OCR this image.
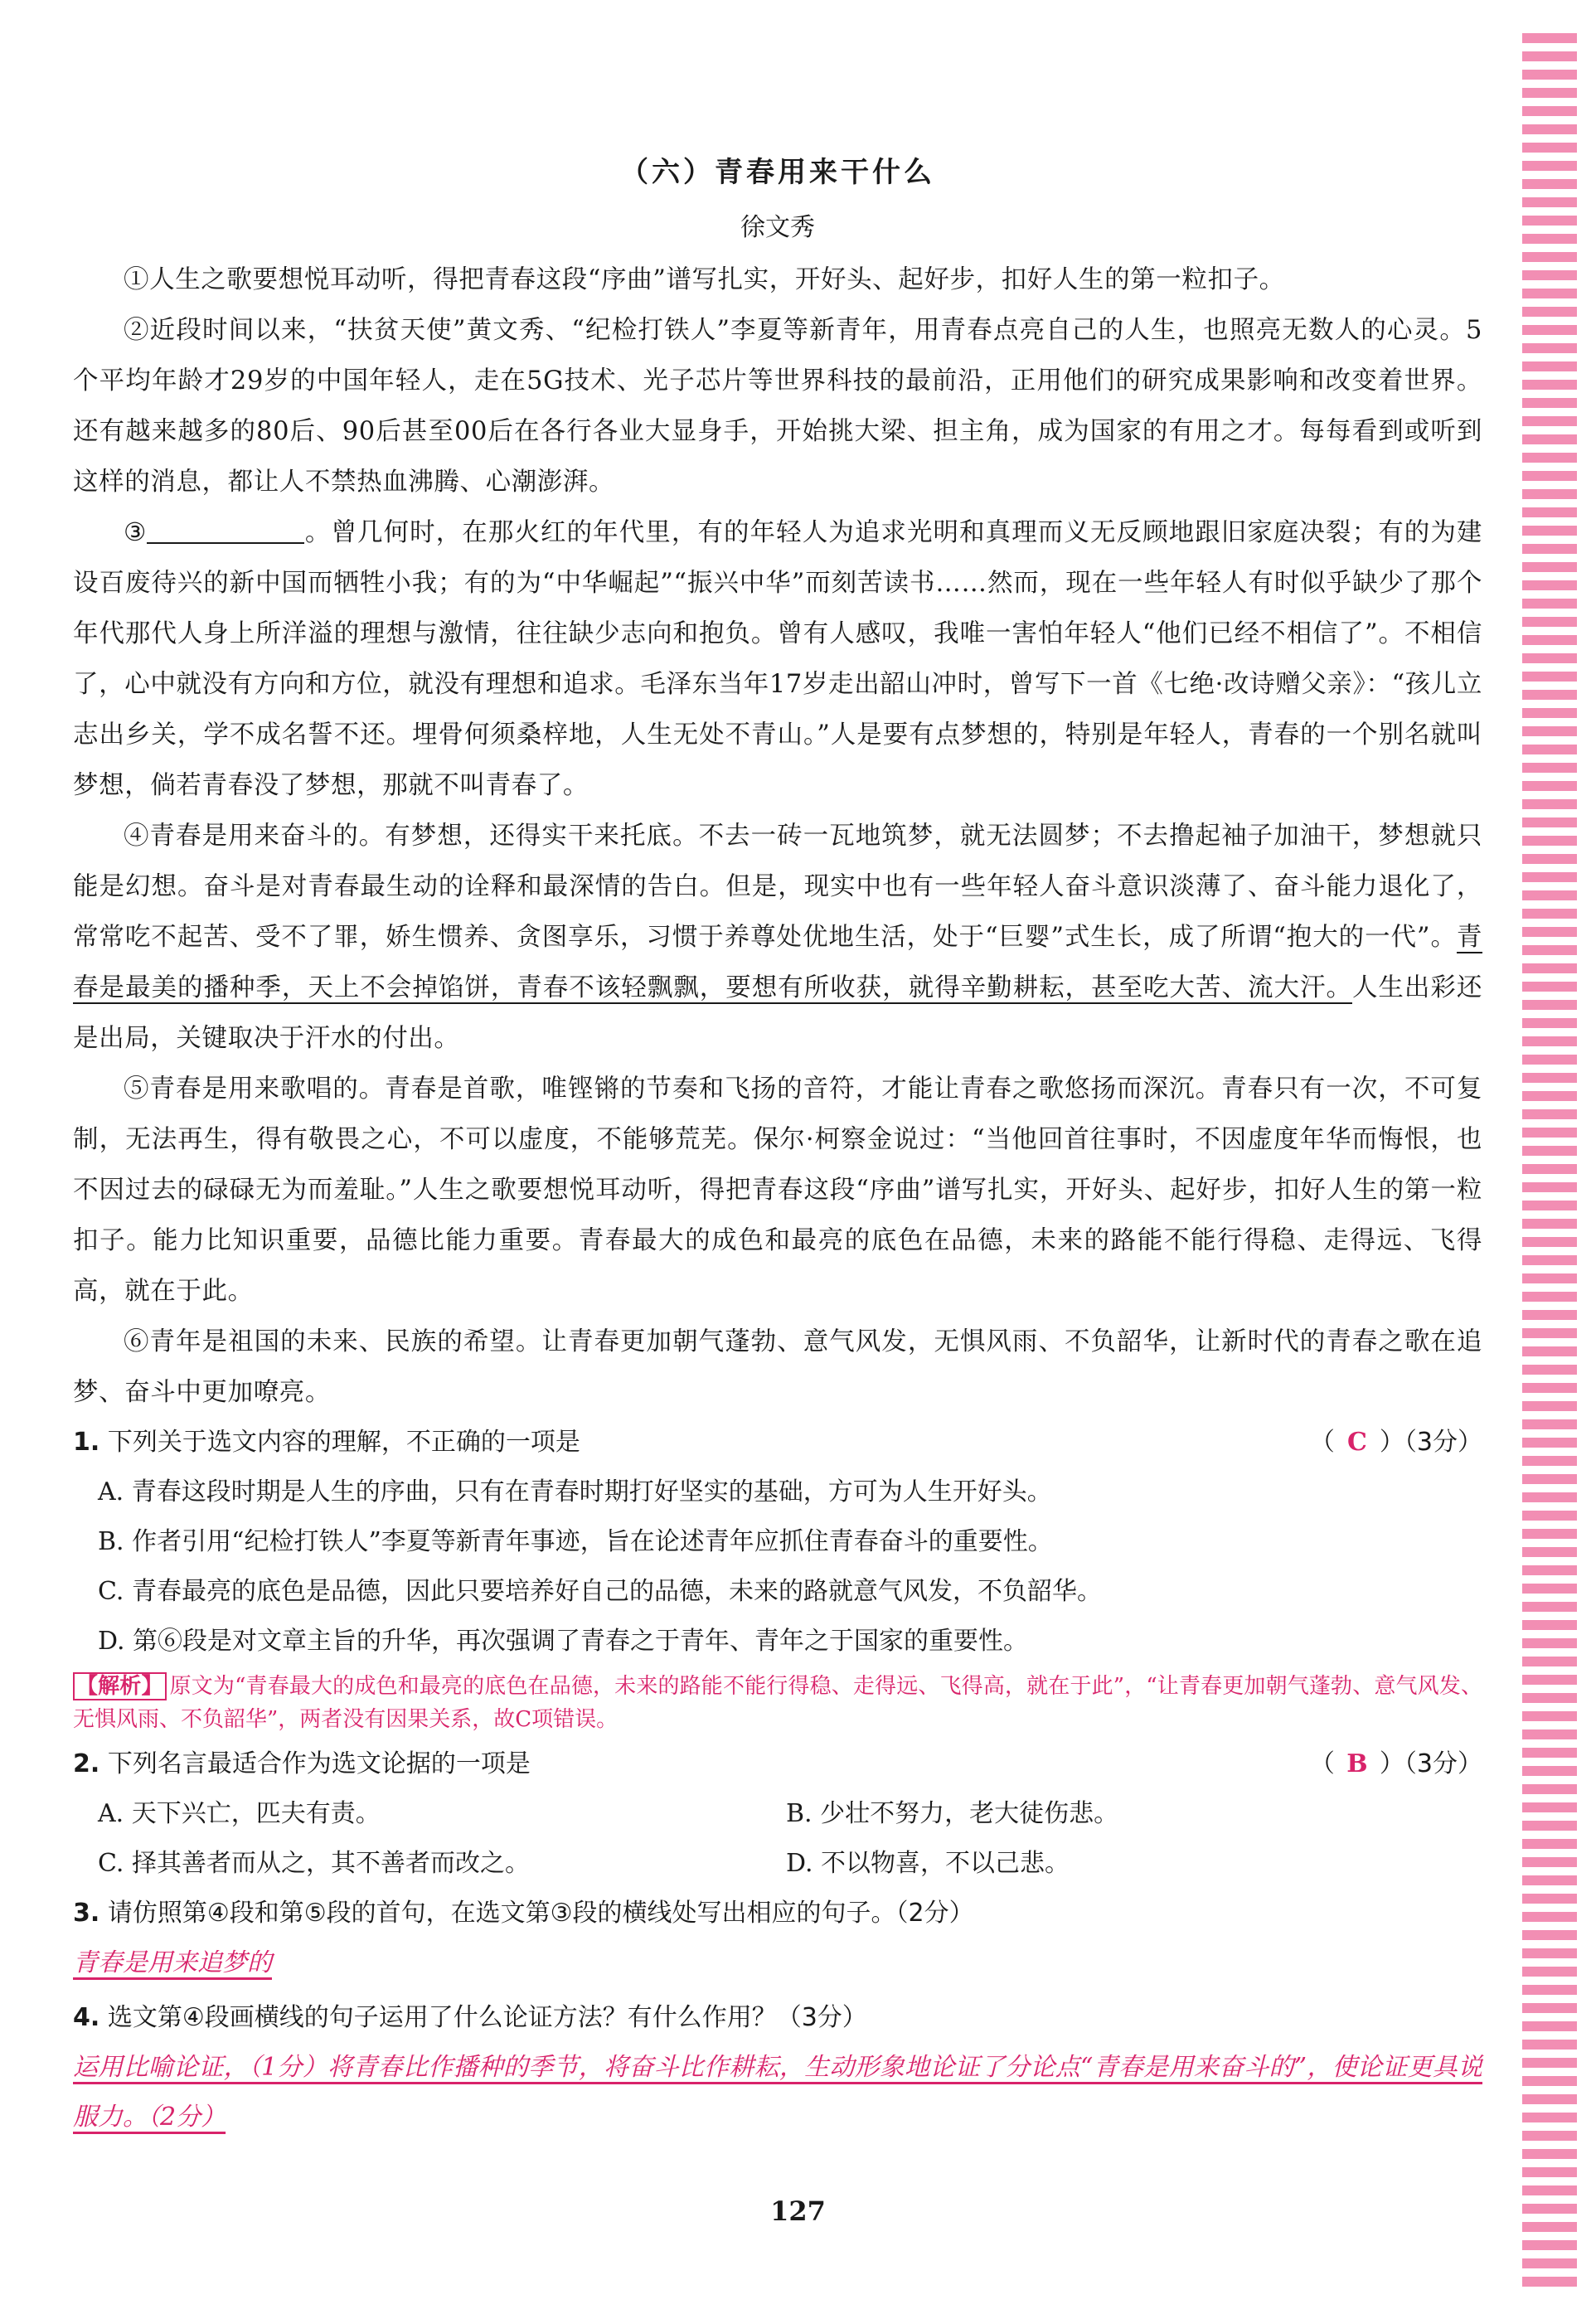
（六）青春用来干什么
徐文秀

①人生之歌要想悦耳动听，得把青春这段“序曲”谱写扎实，开好头、起好步，扣好人生的第一粒扣子。

②近段时间以来，“扶贫天使”黄文秀、“纪检打铁人”李夏等新青年，用青春点亮自己的人生，也照亮无数人的心灵。5个平均年龄才29岁的中国年轻人，走在5G技术、光子芯片等世界科技的最前沿，正用他们的研究成果影响和改变着世界。还有越来越多的80后、90后甚至00后在各行各业大显身手，开始挑大梁、担主角，成为国家的有用之才。每每看到或听到这样的消息，都让人不禁热血沸腾、心潮澎湃。

③	。曾几何时，在那火红的年代里，有的年轻人为追求光明和真理而义无反顾地跟旧家庭决裂；有的为建设百废待兴的新中国而牺牲小我；有的为“中华崛起”“振兴中华”而刻苦读书……然而，现在一些年轻人有时似乎缺少了那个年代那代人身上所洋溢的理想与激情，往往缺少志向和抱负。曾有人感叹，我唯一害怕年轻人“他们已经不相信了”。不相信了，心中就没有方向和方位，就没有理想和追求。毛泽东当年17岁走出韶山冲时，曾写下一首《七绝·改诗赠父亲》：“孩儿立志出乡关，学不成名誓不还。埋骨何须桑梓地，人生无处不青山。”人是要有点梦想的，特别是年轻人，青春的一个别名就叫梦想，倘若青春没了梦想，那就不叫青春了。

④青春是用来奋斗的。有梦想，还得实干来托底。不去一砖一瓦地筑梦，就无法圆梦；不去撸起袖子加油干，梦想就只能是幻想。奋斗是对青春最生动的诠释和最深情的告白。但是，现实中也有一些年轻人奋斗意识淡薄了、奋斗能力退化了，常常吃不起苦、受不了罪，娇生惯养、贪图享乐，习惯于养尊处优地生活，处于“巨婴”式生长，成了所谓“抱大的一代”。青春是最美的播种季，天上不会掉馅饼，青春不该轻飘飘，要想有所收获，就得辛勤耕耘，甚至吃大苦、流大汗。人生出彩还是出局，关键取决于汗水的付出。

⑤青春是用来歌唱的。青春是首歌，唯铿锵的节奏和飞扬的音符，才能让青春之歌悠扬而深沉。青春只有一次，不可复制，无法再生，得有敬畏之心，不可以虚度，不能够荒芜。保尔·柯察金说过：“当他回首往事时，不因虚度年华而悔恨，也不因过去的碌碌无为而羞耻。”人生之歌要想悦耳动听，得把青春这段“序曲”谱写扎实，开好头、起好步，扣好人生的第一粒扣子。能力比知识重要，品德比能力重要。青春最大的成色和最亮的底色在品德，未来的路能不能行得稳、走得远、飞得高，就在于此。

⑥青年是祖国的未来、民族的希望。让青春更加朝气蓬勃、意气风发，无惧风雨、不负韶华，让新时代的青春之歌在追梦、奋斗中更加嘹亮。

1. 下列关于选文内容的理解，不正确的一项是	（ C ）（3分）
A. 青春这段时期是人生的序曲，只有在青春时期打好坚实的基础，方可为人生开好头。
B. 作者引用“纪检打铁人”李夏等新青年事迹，旨在论述青年应抓住青春奋斗的重要性。
C. 青春最亮的底色是品德，因此只要培养好自己的品德，未来的路就意气风发，不负韶华。
D. 第⑥段是对文章主旨的升华，再次强调了青春之于青年、青年之于国家的重要性。
【解析】 原文为“青春最大的成色和最亮的底色在品德，未来的路能不能行得稳、走得远、飞得高，就在于此”，“让青春更加朝气蓬勃、意气风发、无惧风雨、不负韶华”，两者没有因果关系，故C项错误。
2. 下列名言最适合作为选文论据的一项是	（ B ）（3分）
A. 天下兴亡，匹夫有责。	B. 少壮不努力，老大徒伤悲。
C. 择其善者而从之，其不善者而改之。	D. 不以物喜，不以己悲。
3. 请仿照第④段和第⑤段的首句，在选文第③段的横线处写出相应的句子。（2分）
青春是用来追梦的
4. 选文第④段画横线的句子运用了什么论证方法？有什么作用？（3分）
运用比喻论证，（1分）将青春比作播种的季节，将奋斗比作耕耘，生动形象地论证了分论点“青春是用来奋斗的”，使论证更具说服力。（2分）
127
